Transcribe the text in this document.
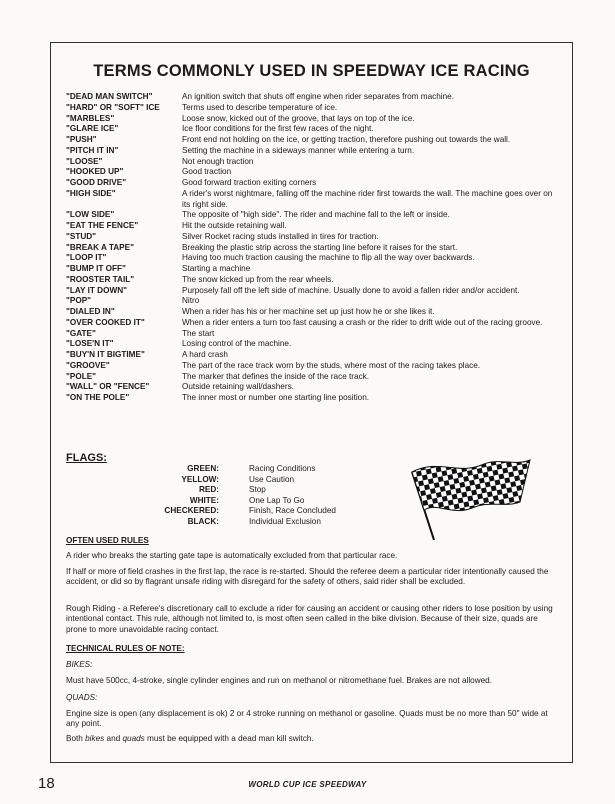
TERMS COMMONLY USED IN SPEEDWAY ICE RACING
"DEAD MAN SWITCH"	An ignition switch that shuts off engine when rider separates from machine.
"HARD" OR "SOFT" ICE	Terms used to describe temperature of ice.
"MARBLES"	Loose snow, kicked out of the groove, that lays on top of the ice.
"GLARE ICE"	Ice floor conditions for the first few races of the night.
"PUSH"	Front end not holding on the ice, or getting traction, therefore pushing out towards the wall.
"PITCH IT IN"	Setting the machine in a sideways manner while entering a turn.
"LOOSE"	Not enough traction
"HOOKED UP"	Good traction
"GOOD DRIVE"	Good forward traction exiting corners
"HIGH SIDE"	A rider's worst nightmare, falling off the machine rider first towards the wall. The machine goes over on its right side.
"LOW SIDE"	The opposite of "high side". The rider and machine fall to the left or inside.
"EAT THE FENCE"	Hit the outside retaining wall.
"STUD"	Silver Rocket racing studs installed in tires for traction.
"BREAK A TAPE"	Breaking the plastic strip across the starting line before it raises for the start.
"LOOP IT"	Having too much traction causing the machine to flip all the way over backwards.
"BUMP IT OFF"	Starting a machine
"ROOSTER TAIL"	The snow kicked up from the rear wheels.
"LAY IT DOWN"	Purposely fall off the left side of machine. Usually done to avoid a fallen rider and/or accident.
"POP"	Nitro
"DIALED IN"	When a rider has his or her machine set up just how he or she likes it.
"OVER COOKED IT"	When a rider enters a turn too fast causing a crash or the rider to drift wide out of the racing groove.
"GATE"	The start
"LOSE'N IT"	Losing control of the machine.
"BUY'N IT BIGTIME"	A hard crash
"GROOVE"	The part of the race track worn by the studs, where most of the racing takes place.
"POLE"	The marker that defines the inside of the race track.
"WALL" OR "FENCE"	Outside retaining wall/dashers.
"ON THE POLE"	The inner most or number one starting line position.
FLAGS:
GREEN:	Racing Conditions
YELLOW:	Use Caution
RED:	Stop
WHITE:	One Lap To Go
CHECKERED:	Finish, Race Concluded
BLACK:	Individual Exclusion
OFTEN USED RULES
A rider who breaks the starting gate tape is automatically excluded from that particular race.
If half or more of field crashes in the first lap, the race is re-started. Should the referee deem a particular rider intentionally caused the accident, or did so by flagrant unsafe riding with disregard for the safety of others, said rider shall be excluded.
Rough Riding - a Referee's discretionary call to exclude a rider for causing an accident or causing other riders to lose position by using intentional contact. This rule, although not limited to, is most often seen called in the bike division. Because of their size, quads are prone to more unavoidable racing contact.
TECHNICAL RULES OF NOTE:
BIKES:
Must have 500cc, 4-stroke, single cylinder engines and run on methanol or nitromethane fuel. Brakes are not allowed.
QUADS:
Engine size is open (any displacement is ok) 2 or 4 stroke running on methanol or gasoline. Quads must be no more than 50" wide at any point.
Both bikes and quads must be equipped with a dead man kill switch.
18	WORLD CUP ICE SPEEDWAY
